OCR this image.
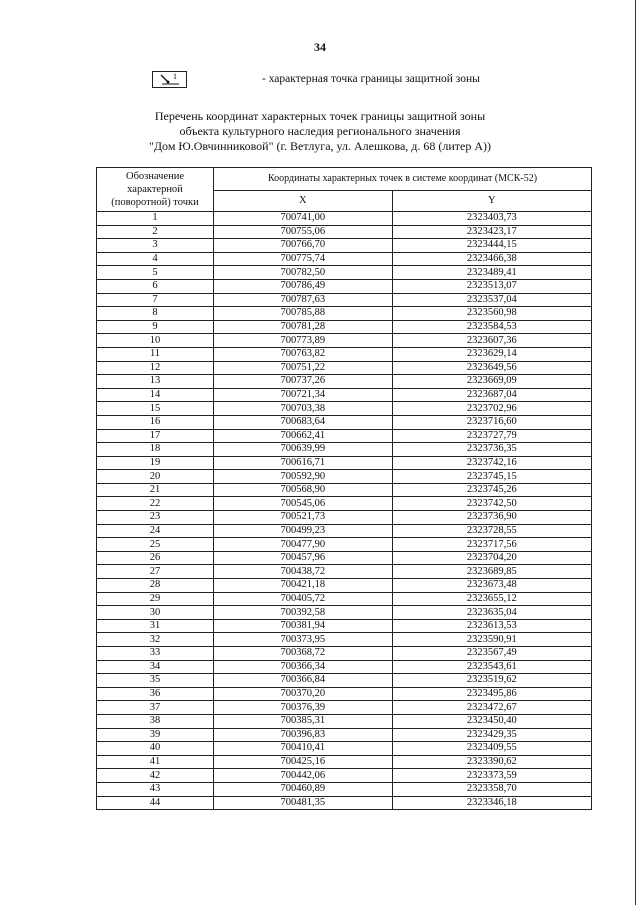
34
1	- характерная точка границы защитной зоны
Перечень координат характерных точек границы защитной зоны
объекта культурного наследия регионального значения
"Дом Ю.Овчинниковой" (г. Ветлуга, ул. Алешкова, д. 68 (литер А))
Обозначение характерной (поворотной) точки	Координаты характерных точек в системе координат (МСК-52)	
	X	Y
1	700741,00	2323403,73
2	700755,06	2323423,17
3	700766,70	2323444,15
4	700775,74	2323466,38
5	700782,50	2323489,41
6	700786,49	2323513,07
7	700787,63	2323537,04
8	700785,88	2323560,98
9	700781,28	2323584,53
10	700773,89	2323607,36
11	700763,82	2323629,14
12	700751,22	2323649,56
13	700737,26	2323669,09
14	700721,34	2323687,04
15	700703,38	2323702,96
16	700683,64	2323716,60
17	700662,41	2323727,79
18	700639,99	2323736,35
19	700616,71	2323742,16
20	700592,90	2323745,15
21	700568,90	2323745,26
22	700545,06	2323742,50
23	700521,73	2323736,90
24	700499,23	2323728,55
25	700477,90	2323717,56
26	700457,96	2323704,20
27	700438,72	2323689,85
28	700421,18	2323673,48
29	700405,72	2323655,12
30	700392,58	2323635,04
31	700381,94	2323613,53
32	700373,95	2323590,91
33	700368,72	2323567,49
34	700366,34	2323543,61
35	700366,84	2323519,62
36	700370,20	2323495,86
37	700376,39	2323472,67
38	700385,31	2323450,40
39	700396,83	2323429,35
40	700410,41	2323409,55
41	700425,16	2323390,62
42	700442,06	2323373,59
43	700460,89	2323358,70
44	700481,35	2323346,18
